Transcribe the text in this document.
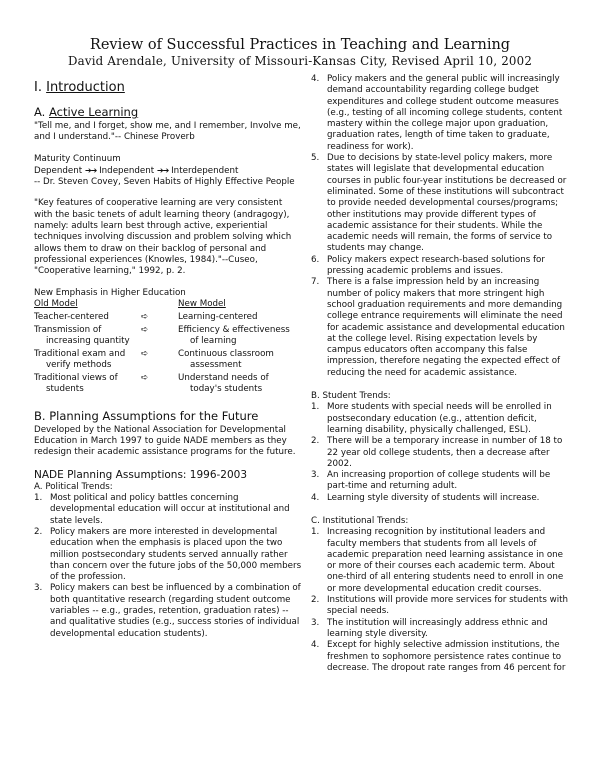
Review of Successful Practices in Teaching and Learning
David Arendale, University of Missouri-Kansas City, Revised April 10, 2002
I. Introduction
A. Active Learning

"Tell me, and I forget, show me, and I remember, Involve me, and I understand."-- Chinese Proverb

Maturity Continuum

Dependent ➔➔ Independent ➔➔ Interdependent

-- Dr. Steven Covey, Seven Habits of Highly Effective People

"Key features of cooperative learning are very consistent with the basic tenets of adult learning theory (andragogy), namely: adults learn best through active, experiential techniques involving discussion and problem solving which allows them to draw on their backlog of personal and professional experiences (Knowles, 1984)."--Cuseo, "Cooperative learning," 1992, p. 2.

New Emphasis in Higher Education

Old Model		New Model
Teacher-centered	➪	Learning-centered
Transmission of
increasing quantity	➪	Efficiency & effectiveness
of learning

Traditional exam and
verify methods	➪	Continuous classroom
assessment

Traditional views of
students	➪	Understand needs of
today's students
B. Planning Assumptions for the Future

Developed by the National Association for Developmental Education in March 1997 to guide NADE members as they redesign their academic assistance programs for the future.

NADE Planning Assumptions: 1996-2003

A. Political Trends:

1. Most political and policy battles concerning developmental education will occur at institutional and state levels.
2. Policy makers are more interested in developmental education when the emphasis is placed upon the two million postsecondary students served annually rather than concern over the future jobs of the 50,000 members of the profession.
3. Policy makers can best be influenced by a combination of both quantitative research (regarding student outcome variables -- e.g., grades, retention, graduation rates) -- and qualitative studies (e.g., success stories of individual developmental education students).
4. Policy makers and the general public will increasingly demand accountability regarding college budget expenditures and college student outcome measures (e.g., testing of all incoming college students, content mastery within the college major upon graduation, graduation rates, length of time taken to graduate, readiness for work).
5. Due to decisions by state-level policy makers, more states will legislate that developmental education courses in public four-year institutions be decreased or eliminated. Some of these institutions will subcontract to provide needed developmental courses/programs; other institutions may provide different types of academic assistance for their students. While the academic needs will remain, the forms of service to students may change.
6. Policy makers expect research-based solutions for pressing academic problems and issues.
7. There is a false impression held by an increasing number of policy makers that more stringent high school graduation requirements and more demanding college entrance requirements will eliminate the need for academic assistance and developmental education at the college level. Rising expectation levels by campus educators often accompany this false impression, therefore negating the expected effect of reducing the need for academic assistance.

B. Student Trends:

1. More students with special needs will be enrolled in postsecondary education (e.g., attention deficit, learning disability, physically challenged, ESL).
2. There will be a temporary increase in number of 18 to 22 year old college students, then a decrease after 2002.
3. An increasing proportion of college students will be part-time and returning adult.
4. Learning style diversity of students will increase.

C. Institutional Trends:

1. Increasing recognition by institutional leaders and faculty members that students from all levels of academic preparation need learning assistance in one or more of their courses each academic term. About one-third of all entering students need to enroll in one or more developmental education credit courses.
2. Institutions will provide more services for students with special needs.
3. The institution will increasingly address ethnic and learning style diversity.
4. Except for highly selective admission institutions, the freshmen to sophomore persistence rates continue to decrease. The dropout rate ranges from 46 percent for
